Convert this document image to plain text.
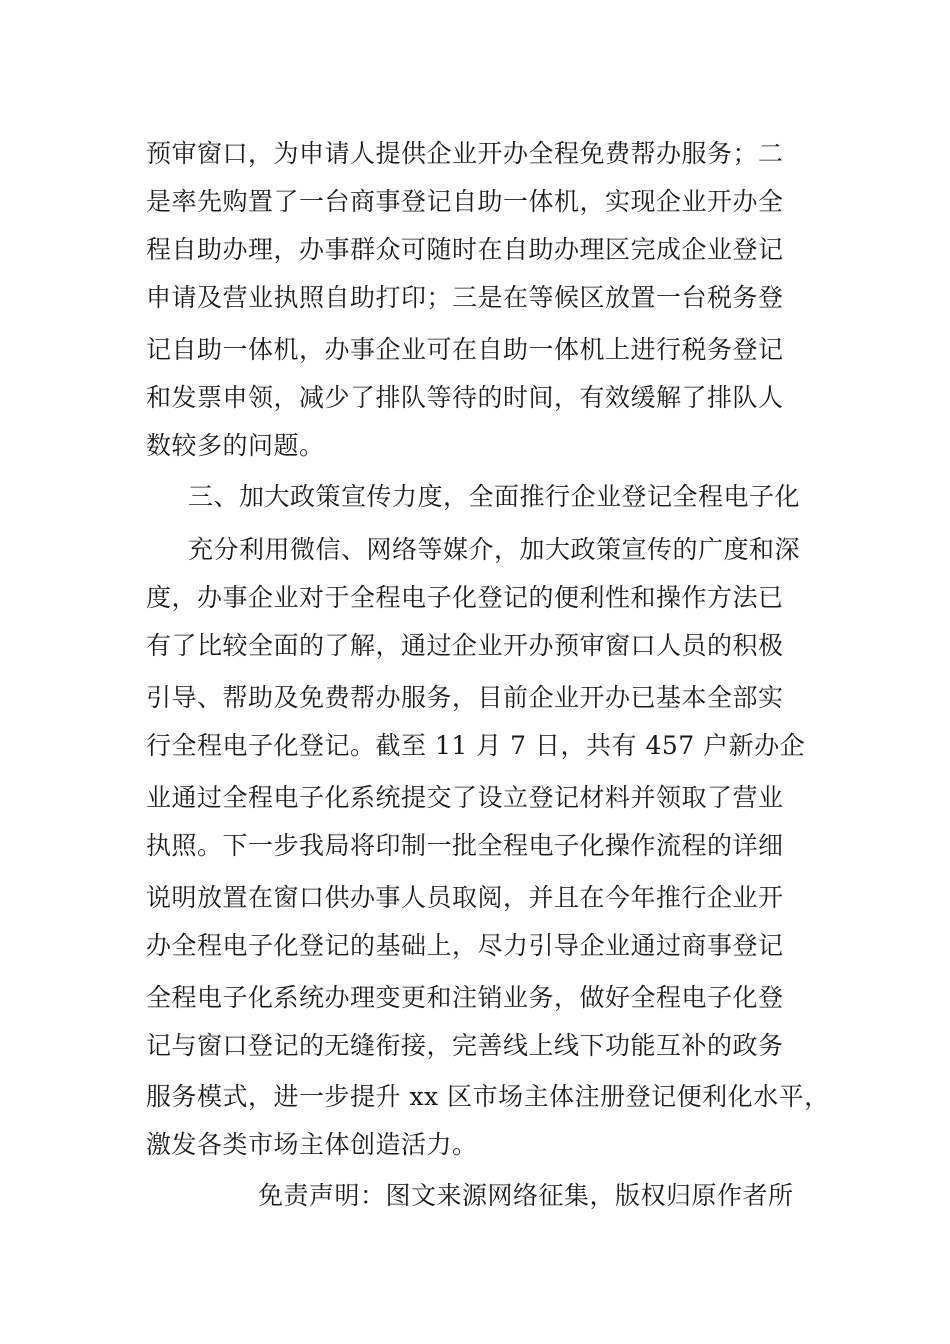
预审窗口，为申请人提供企业开办全程免费帮办服务；二
是率先购置了一台商事登记自助一体机，实现企业开办全
程自助办理，办事群众可随时在自助办理区完成企业登记
申请及营业执照自助打印；三是在等候区放置一台税务登
记自助一体机，办事企业可在自助一体机上进行税务登记
和发票申领，减少了排队等待的时间，有效缓解了排队人
数较多的问题。
三、加大政策宣传力度，全面推行企业登记全程电子化
充分利用微信、网络等媒介，加大政策宣传的广度和深
度，办事企业对于全程电子化登记的便利性和操作方法已
有了比较全面的了解，通过企业开办预审窗口人员的积极
引导、帮助及免费帮办服务，目前企业开办已基本全部实
行全程电子化登记。截至 11 月 7 日，共有 457 户新办企
业通过全程电子化系统提交了设立登记材料并领取了营业
执照。下一步我局将印制一批全程电子化操作流程的详细
说明放置在窗口供办事人员取阅，并且在今年推行企业开
办全程电子化登记的基础上，尽力引导企业通过商事登记
全程电子化系统办理变更和注销业务，做好全程电子化登
记与窗口登记的无缝衔接，完善线上线下功能互补的政务
服务模式，进一步提升 xx 区市场主体注册登记便利化水平，
激发各类市场主体创造活力。
免责声明：图文来源网络征集，版权归原作者所
